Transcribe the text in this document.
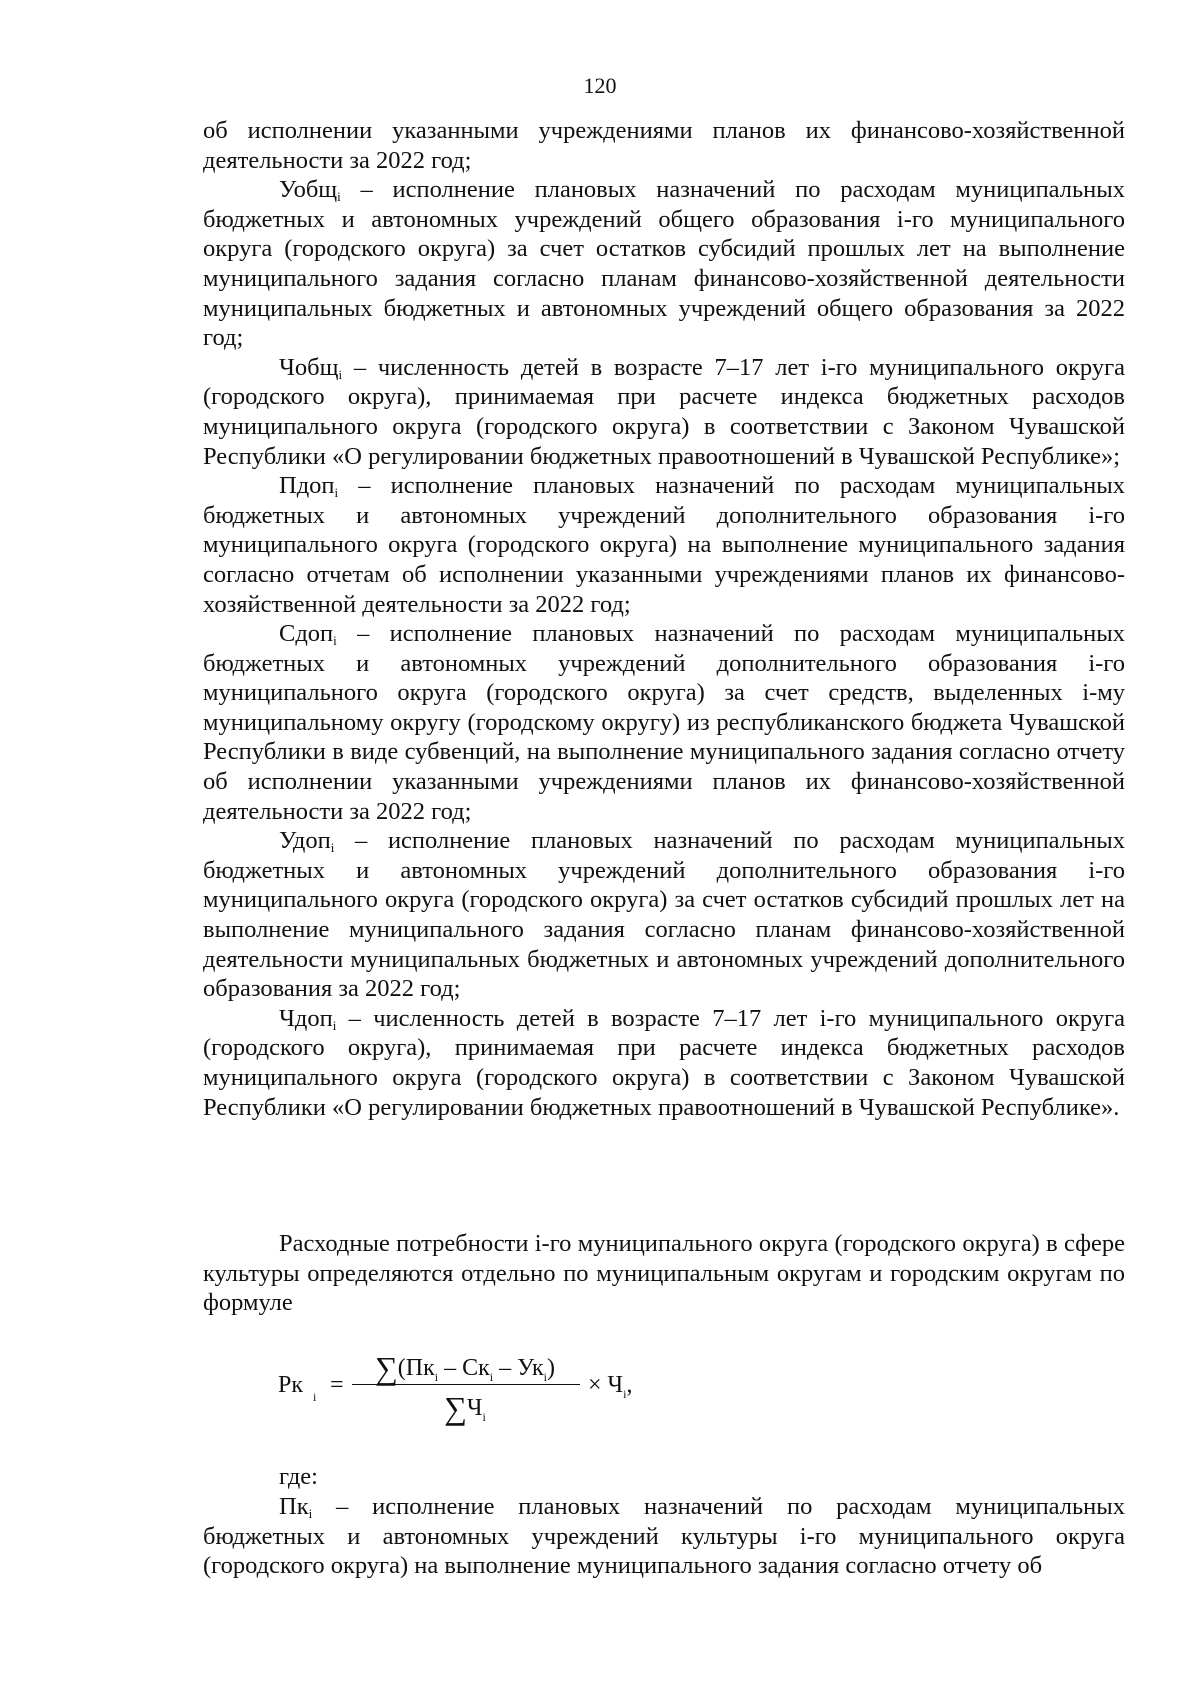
120

об исполнении указанными учреждениями планов их финансово-хозяйственной деятельности за 2022 год;

Уобщ$_i$ – исполнение плановых назначений по расходам муниципальных бюджетных и автономных учреждений общего образования i-го муниципального округа (городского округа) за счет остатков субсидий прошлых лет на выполнение муниципального задания согласно планам финансово-хозяйственной деятельности муниципальных бюджетных и автономных учреждений общего образования за 2022 год;

Чобщ$_i$ – численность детей в возрасте 7–17 лет i-го муниципального округа (городского округа), принимаемая при расчете индекса бюджетных расходов муниципального округа (городского округа) в соответствии с Законом Чувашской Республики «О регулировании бюджетных правоотношений в Чувашской Республике»;

Пдоп$_i$ – исполнение плановых назначений по расходам муниципальных бюджетных и автономных учреждений дополнительного образования i-го муниципального округа (городского округа) на выполнение муниципального задания согласно отчетам об исполнении указанными учреждениями планов их финансово-хозяйственной деятельности за 2022 год;

Сдоп$_i$ – исполнение плановых назначений по расходам муниципальных бюджетных и автономных учреждений дополнительного образования i-го муниципального округа (городского округа) за счет средств, выделенных i-му муниципальному округу (городскому округу) из республиканского бюджета Чувашской Республики в виде субвенций, на выполнение муниципального задания согласно отчету об исполнении указанными учреждениями планов их финансово-хозяйственной деятельности за 2022 год;

Удоп$_i$ – исполнение плановых назначений по расходам муниципальных бюджетных и автономных учреждений дополнительного образования i-го муниципального округа (городского округа) за счет остатков субсидий прошлых лет на выполнение муниципального задания согласно планам финансово-хозяйственной деятельности муниципальных бюджетных и автономных учреждений дополнительного образования за 2022 год;

Чдоп$_i$ – численность детей в возрасте 7–17 лет i-го муниципального округа (городского округа), принимаемая при расчете индекса бюджетных расходов муниципального округа (городского округа) в соответствии с Законом Чувашской Республики «О регулировании бюджетных правоотношений в Чувашской Республике».

Расходные потребности i-го муниципального округа (городского округа) в сфере культуры определяются отдельно по муниципальным округам и городским округам по формуле

Рк $i = \sum(Пк_i - Ск_i - Ук_i)$
$\sum Ч_i$
× $Ч_i$,
где:

$Пк_i$ – исполнение плановых назначений по расходам муниципальных бюджетных и автономных учреждений культуры i-го муниципального округа (городского округа) на выполнение муниципального задания согласно отчету об
